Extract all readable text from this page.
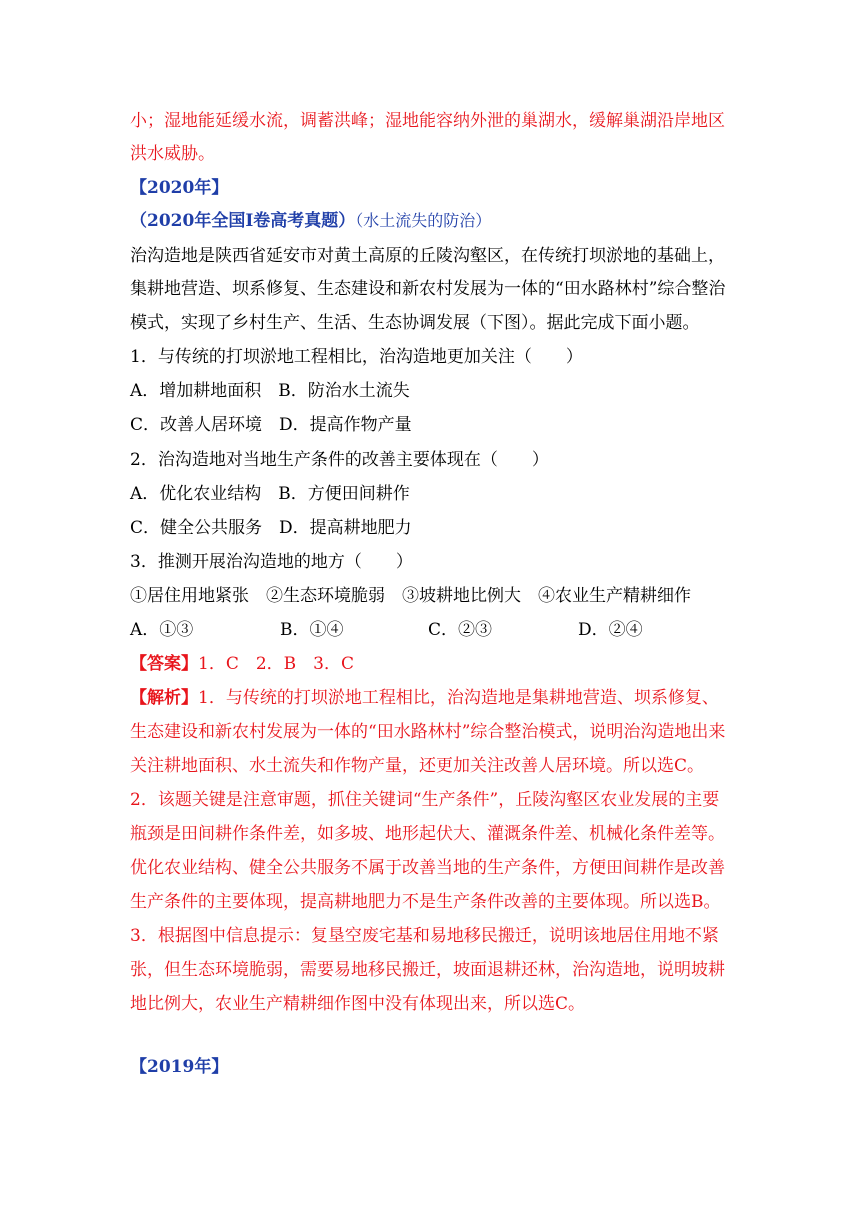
小；湿地能延缓水流，调蓄洪峰；湿地能容纳外泄的巢湖水，缓解巢湖沿岸地区
洪水威胁。
【2020年】
（2020年全国Ⅰ卷高考真题）（水土流失的防治）
治沟造地是陕西省延安市对黄土高原的丘陵沟壑区，在传统打坝淤地的基础上，
集耕地营造、坝系修复、生态建设和新农村发展为一体的“田水路林村”综合整治
模式，实现了乡村生产、生活、生态协调发展（下图）。据此完成下面小题。
1．与传统的打坝淤地工程相比，治沟造地更加关注（　　）
A．增加耕地面积　B．防治水土流失
C．改善人居环境　D．提高作物产量
2．治沟造地对当地生产条件的改善主要体现在（　　）
A．优化农业结构　B．方便田间耕作
C．健全公共服务　D．提高耕地肥力
3．推测开展治沟造地的地方（　　）
①居住用地紧张　②生态环境脆弱　③坡耕地比例大　④农业生产精耕细作
A．①③	B．①④	C．②③	D．②④
【答案】1．C　2．B　3．C
【解析】1．与传统的打坝淤地工程相比，治沟造地是集耕地营造、坝系修复、
生态建设和新农村发展为一体的“田水路林村”综合整治模式，说明治沟造地出来
关注耕地面积、水土流失和作物产量，还更加关注改善人居环境。所以选C。
2．该题关键是注意审题，抓住关键词“生产条件”，丘陵沟壑区农业发展的主要
瓶颈是田间耕作条件差，如多坡、地形起伏大、灌溉条件差、机械化条件差等。
优化农业结构、健全公共服务不属于改善当地的生产条件，方便田间耕作是改善
生产条件的主要体现，提高耕地肥力不是生产条件改善的主要体现。所以选B。
3．根据图中信息提示：复垦空废宅基和易地移民搬迁，说明该地居住用地不紧
张，但生态环境脆弱，需要易地移民搬迁，坡面退耕还林，治沟造地，说明坡耕
地比例大，农业生产精耕细作图中没有体现出来，所以选C。
【2019年】
